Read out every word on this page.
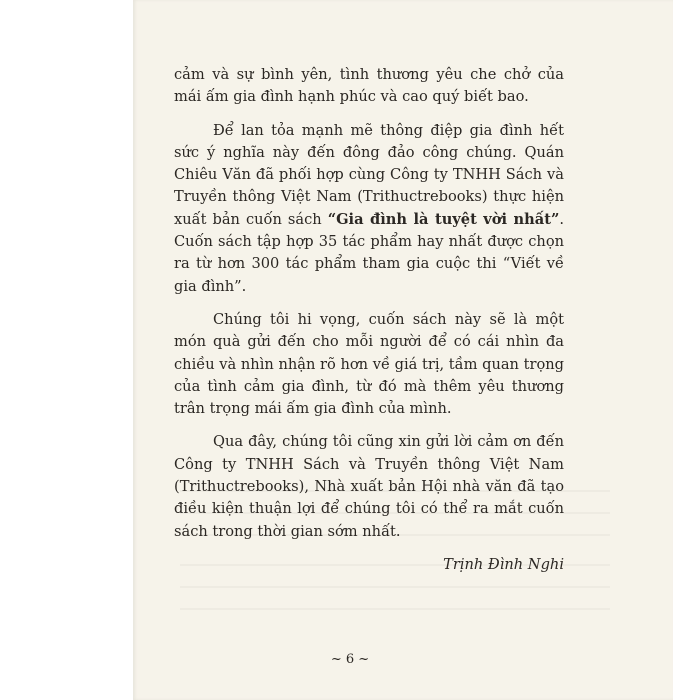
cảm và sự bình yên, tình thương yêu che chở của mái ấm gia đình hạnh phúc và cao quý biết bao.

Để lan tỏa mạnh mẽ thông điệp gia đình hết sức ý nghĩa này đến đông đảo công chúng. Quán Chiêu Văn đã phối hợp cùng Công ty TNHH Sách và Truyền thông Việt Nam (Trithuctrebooks) thực hiện xuất bản cuốn sách “Gia đình là tuyệt vời nhất”. Cuốn sách tập hợp 35 tác phẩm hay nhất được chọn ra từ hơn 300 tác phẩm tham gia cuộc thi “Viết về gia đình”.

Chúng tôi hi vọng, cuốn sách này sẽ là một món quà gửi đến cho mỗi người để có cái nhìn đa chiều và nhìn nhận rõ hơn về giá trị, tầm quan trọng của tình cảm gia đình, từ đó mà thêm yêu thương trân trọng mái ấm gia đình của mình.

Qua đây, chúng tôi cũng xin gửi lời cảm ơn đến Công ty TNHH Sách và Truyền thông Việt Nam (Trithuctrebooks), Nhà xuất bản Hội nhà văn đã tạo điều kiện thuận lợi để chúng tôi có thể ra mắt cuốn sách trong thời gian sớm nhất.

Trịnh Đình Nghi
~ 6 ~
